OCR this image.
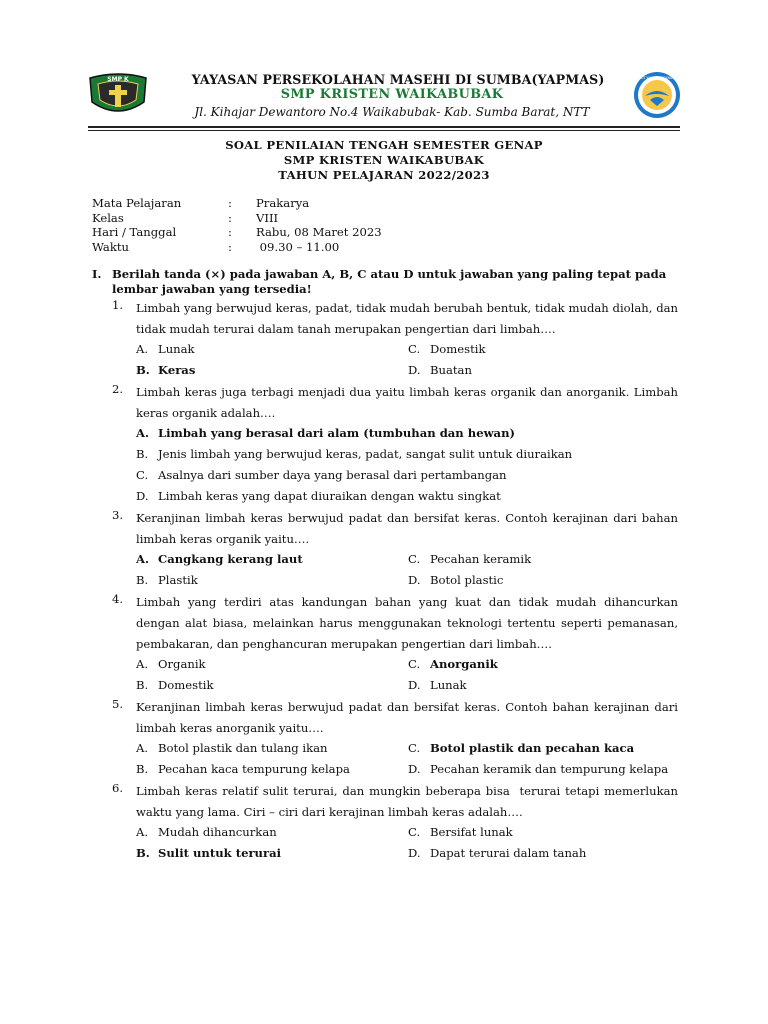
SMP K	TUT WURI HANDAYANI
YAYASAN PERSEKOLAHAN MASEHI DI SUMBA(YAPMAS)
SMP KRISTEN WAIKABUBAK
Jl. Kihajar Dewantoro No.4 Waikabubak- Kab. Sumba Barat, NTT
SOAL PENILAIAN TENGAH SEMESTER GENAP
SMP KRISTEN WAIKABUBAK
TAHUN PELAJARAN 2022/2023
Mata Pelajaran	:	Prakarya
Kelas	:	VIII
Hari / Tanggal	:	Rabu, 08 Maret 2023
Waktu	:	09.30 – 11.00
I. Berilah tanda (×) pada jawaban A, B, C atau D untuk jawaban yang paling tepat pada lembar jawaban yang tersedia!
1. Limbah yang berwujud keras, padat, tidak mudah berubah bentuk, tidak mudah diolah, dan tidak mudah terurai dalam tanah merupakan pengertian dari limbah….
A. Lunak
B. Keras
C. Domestik
D. Buatan
2. Limbah keras juga terbagi menjadi dua yaitu limbah keras organik dan anorganik. Limbah keras organik adalah….
A. Limbah yang berasal dari alam (tumbuhan dan hewan)
B. Jenis limbah yang berwujud keras, padat, sangat sulit untuk diuraikan
C. Asalnya dari sumber daya yang berasal dari pertambangan
D. Limbah keras yang dapat diuraikan dengan waktu singkat
3. Keranjinan limbah keras berwujud padat dan bersifat keras. Contoh kerajinan dari bahan limbah keras organik yaitu….
A. Cangkang kerang laut
B. Plastik
C. Pecahan keramik
D. Botol plastic
4. Limbah yang terdiri atas kandungan bahan yang kuat dan tidak mudah dihancurkan dengan alat biasa, melainkan harus menggunakan teknologi tertentu seperti pemanasan, pembakaran, dan penghancuran merupakan pengertian dari limbah….
A. Organik
B. Domestik
C. Anorganik
D. Lunak
5. Keranjinan limbah keras berwujud padat dan bersifat keras. Contoh bahan kerajinan dari limbah keras anorganik yaitu….
A. Botol plastik dan tulang ikan
B. Pecahan kaca tempurung kelapa
C. Botol plastik dan pecahan kaca
D. Pecahan keramik dan tempurung kelapa
6. Limbah keras relatif sulit terurai, dan mungkin beberapa bisa  terurai tetapi memerlukan waktu yang lama. Ciri – ciri dari kerajinan limbah keras adalah….
A. Mudah dihancurkan
B. Sulit untuk terurai
C. Bersifat lunak
D. Dapat terurai dalam tanah
